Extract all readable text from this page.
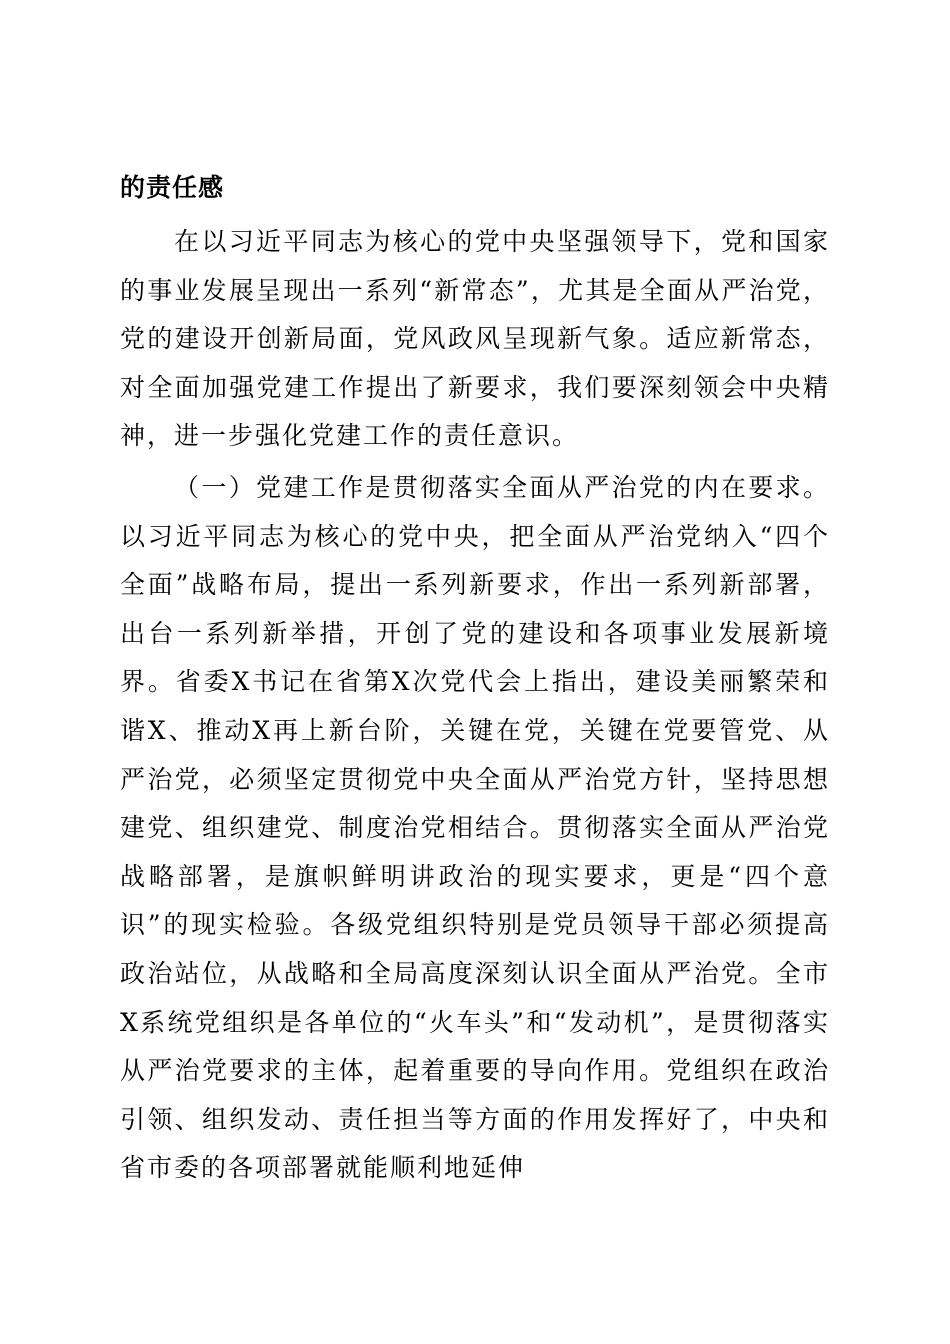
的责任感

在以习近平同志为核心的党中央坚强领导下，党和国家的事业发展呈现出一系列“新常态”，尤其是全面从严治党，党的建设开创新局面，党风政风呈现新气象。适应新常态，对全面加强党建工作提出了新要求，我们要深刻领会中央精神，进一步强化党建工作的责任意识。

（一）党建工作是贯彻落实全面从严治党的内在要求。以习近平同志为核心的党中央，把全面从严治党纳入“四个全面”战略布局，提出一系列新要求，作出一系列新部署，出台一系列新举措，开创了党的建设和各项事业发展新境界。省委X书记在省第X次党代会上指出，建设美丽繁荣和谐X、推动X再上新台阶，关键在党，关键在党要管党、从严治党，必须坚定贯彻党中央全面从严治党方针，坚持思想建党、组织建党、制度治党相结合。贯彻落实全面从严治党战略部署，是旗帜鲜明讲政治的现实要求，更是“四个意识”的现实检验。各级党组织特别是党员领导干部必须提高政治站位，从战略和全局高度深刻认识全面从严治党。全市X系统党组织是各单位的“火车头”和“发动机”，是贯彻落实从严治党要求的主体，起着重要的导向作用。党组织在政治引领、组织发动、责任担当等方面的作用发挥好了，中央和省市委的各项部署就能顺利地延伸
